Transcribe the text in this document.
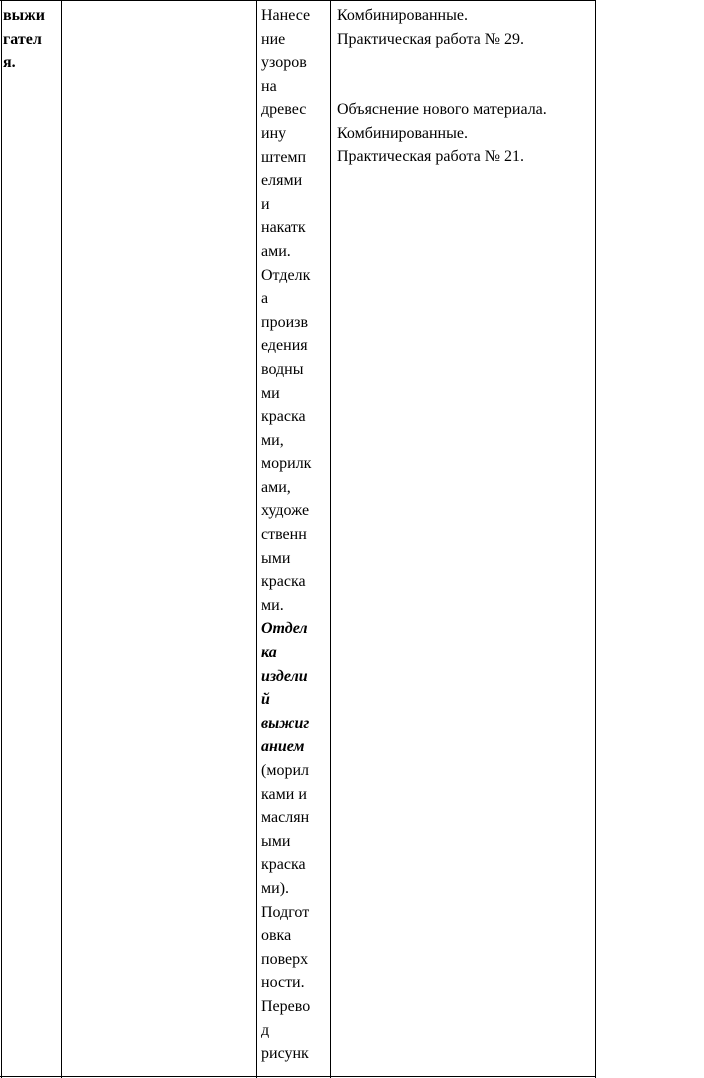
выжи
гател
я.
Нанесе
ние
узоров
на
древес
ину
штемп
елями
и
накатк
ами.
Отделк
а
произв
едения
водны
ми
краска
ми,
морилк
ами,
художе
ственн
ыми
краска
ми.
Отдел
ка
издели
й
выжиг
анием
(морил
ками и
маслян
ыми
краска
ми).
Подгот
овка
поверх
ности.
Перево
д
рисунк
Комбинированные.
Практическая работа № 29.
Объяснение нового материала.
Комбинированные.
Практическая работа № 21.
